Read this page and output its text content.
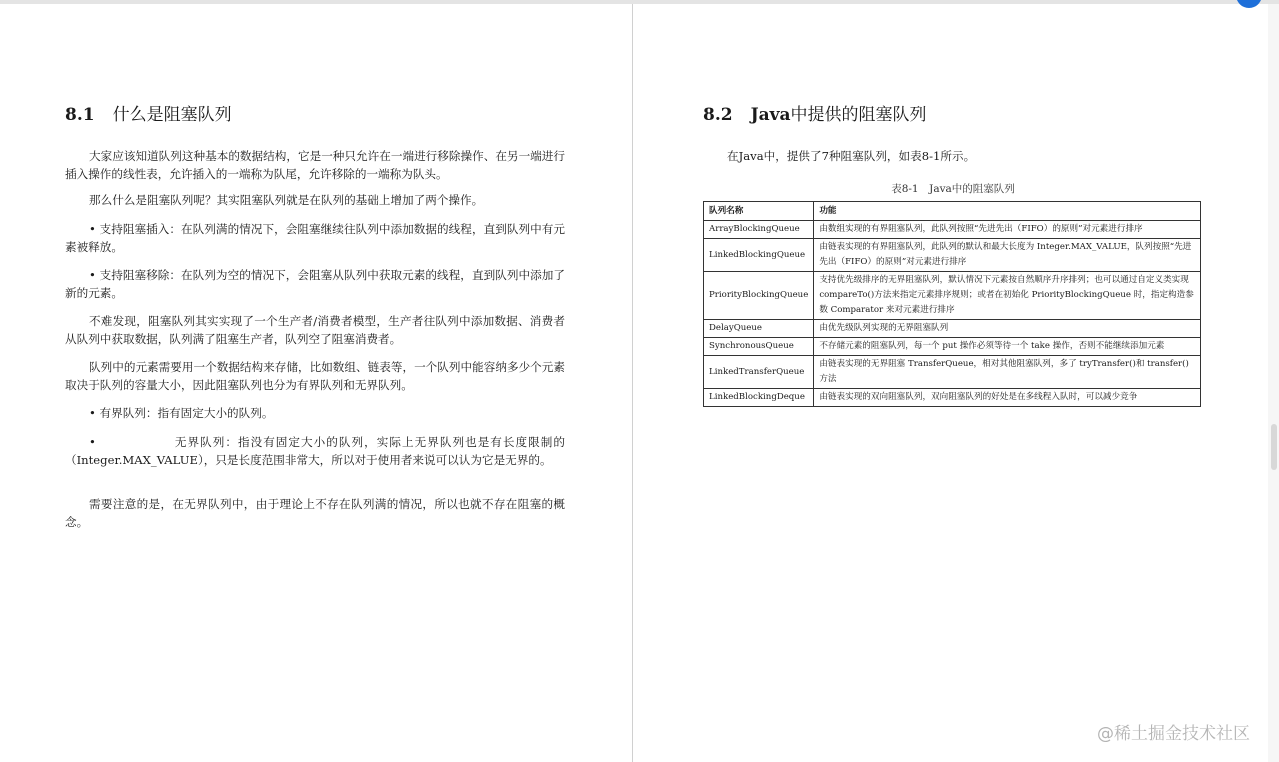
8.1 什么是阻塞队列
大家应该知道队列这种基本的数据结构，它是一种只允许在一端进行移除操作、在另一端进行插入操作的线性表，允许插入的一端称为队尾，允许移除的一端称为队头。
那么什么是阻塞队列呢？其实阻塞队列就是在队列的基础上增加了两个操作。
• 支持阻塞插入：在队列满的情况下，会阻塞继续往队列中添加数据的线程，直到队列中有元素被释放。
• 支持阻塞移除：在队列为空的情况下，会阻塞从队列中获取元素的线程，直到队列中添加了新的元素。
不难发现，阻塞队列其实实现了一个生产者/消费者模型，生产者往队列中添加数据、消费者从队列中获取数据，队列满了阻塞生产者，队列空了阻塞消费者。
队列中的元素需要用一个数据结构来存储，比如数组、链表等，一个队列中能容纳多少个元素取决于队列的容量大小，因此阻塞队列也分为有界队列和无界队列。
• 有界队列：指有固定大小的队列。
•	无界队列：指没有固定大小的队列，实际上无界队列也是有长度限制的（Integer.MAX_VALUE），只是长度范围非常大，所以对于使用者来说可以认为它是无界的。
需要注意的是，在无界队列中，由于理论上不存在队列满的情况，所以也就不存在阻塞的概念。
8.2 Java中提供的阻塞队列
在Java中，提供了7种阻塞队列，如表8-1所示。
表8-1　Java中的阻塞队列
队列名称	功能
ArrayBlockingQueue	由数组实现的有界阻塞队列，此队列按照“先进先出（FIFO）的原则”对元素进行排序
LinkedBlockingQueue	由链表实现的有界阻塞队列，此队列的默认和最大长度为 Integer.MAX_VALUE，队列按照“先进先出（FIFO）的原则”对元素进行排序
PriorityBlockingQueue	支持优先级排序的无界阻塞队列，默认情况下元素按自然顺序升序排列；也可以通过自定义类实现 compareTo()方法来指定元素排序规则；或者在初始化 PriorityBlockingQueue 时，指定构造参数 Comparator 来对元素进行排序
DelayQueue	由优先级队列实现的无界阻塞队列
SynchronousQueue	不存储元素的阻塞队列，每一个 put 操作必须等待一个 take 操作，否则不能继续添加元素
LinkedTransferQueue	由链表实现的无界阻塞 TransferQueue，相对其他阻塞队列，多了 tryTransfer()和 transfer()方法
LinkedBlockingDeque	由链表实现的双向阻塞队列，双向阻塞队列的好处是在多线程入队时，可以减少竞争
@稀土掘金技术社区
